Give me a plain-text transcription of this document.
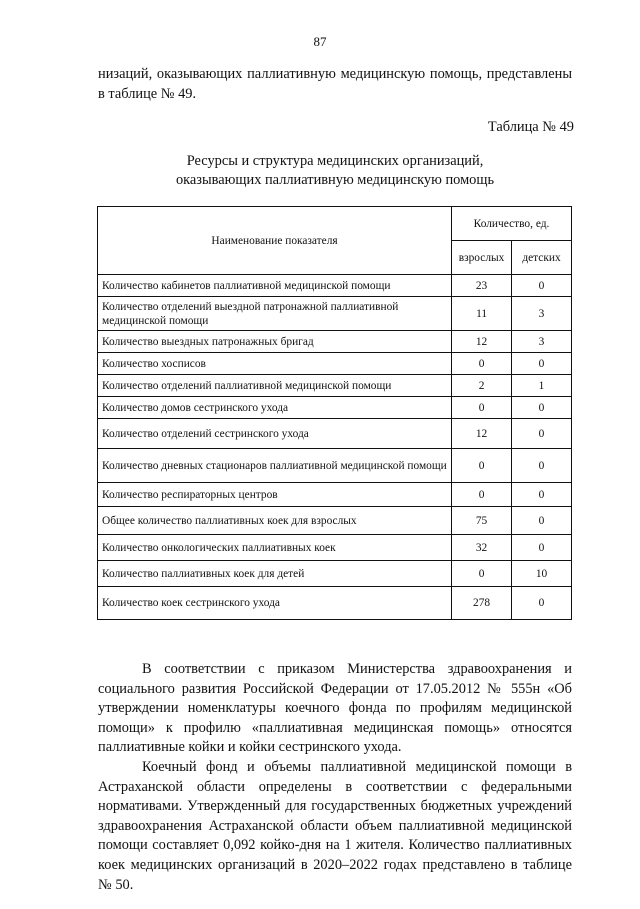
87

низаций, оказывающих паллиативную медицинскую помощь, представлены в таблице № 49.

Таблица № 49
Ресурсы и структура медицинских организаций,
оказывающих паллиативную медицинскую помощь
Наименование показателя	Количество, ед.	
	взрослых	детских
Количество кабинетов паллиативной медицинской помощи	23	0
Количество отделений выездной патронажной паллиативной медицинской помощи	11	3
Количество выездных патронажных бригад	12	3
Количество хосписов	0	0
Количество отделений паллиативной медицинской помощи	2	1
Количество домов сестринского ухода	0	0
Количество отделений сестринского ухода	12	0
Количество дневных стационаров паллиативной медицинской помощи	0	0
Количество респираторных центров	0	0
Общее количество паллиативных коек для взрослых	75	0
Количество онкологических паллиативных коек	32	0
Количество паллиативных коек для детей	0	10
Количество коек сестринского ухода	278	0

В соответствии с приказом Министерства здравоохранения и социального развития Российской Федерации от 17.05.2012 № 555н «Об утверждении номенклатуры коечного фонда по профилям медицинской помощи» к профилю «паллиативная медицинская помощь» относятся паллиативные койки и койки сестринского ухода.

Коечный фонд и объемы паллиативной медицинской помощи в Астраханской области определены в соответствии с федеральными нормативами. Утвержденный для государственных бюджетных учреждений здравоохранения Астраханской области объем паллиативной медицинской помощи составляет 0,092 койко-дня на 1 жителя. Количество паллиативных коек медицинских организаций в 2020–2022 годах представлено в таблице № 50.
